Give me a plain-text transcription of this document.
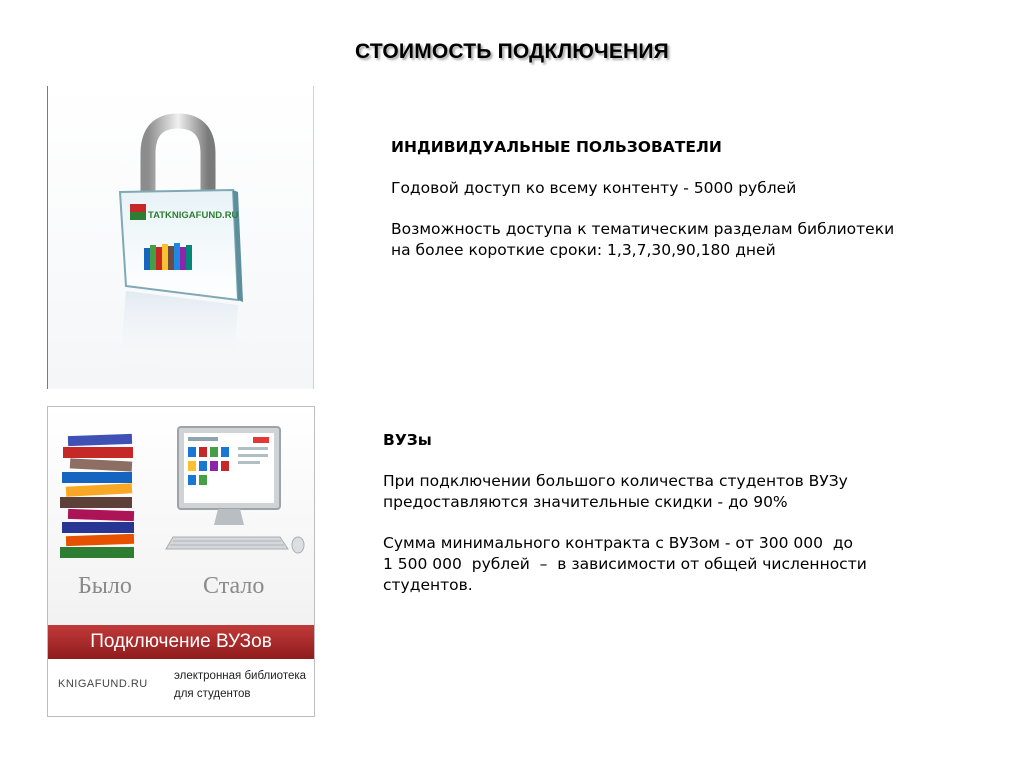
СТОИМОСТЬ ПОДКЛЮЧЕНИЯ
TATKNIGAFUND.RU
Было	Стало
Подключение ВУЗов
KNIGAFUND.RU
электронная библиотека
для студентов

ИНДИВИДУАЛЬНЫЕ ПОЛЬЗОВАТЕЛИ

Годовой доступ ко всему контенту - 5000 рублей

Возможность доступа к тематическим разделам библиотеки

на более короткие сроки: 1,3,7,30,90,180 дней

ВУЗы

При подключении большого количества студентов ВУЗу

предоставляются значительные скидки - до 90%

Сумма минимального контракта с ВУЗом - от 300 000  до

1 500 000  рублей  –  в зависимости от общей численности

студентов.
